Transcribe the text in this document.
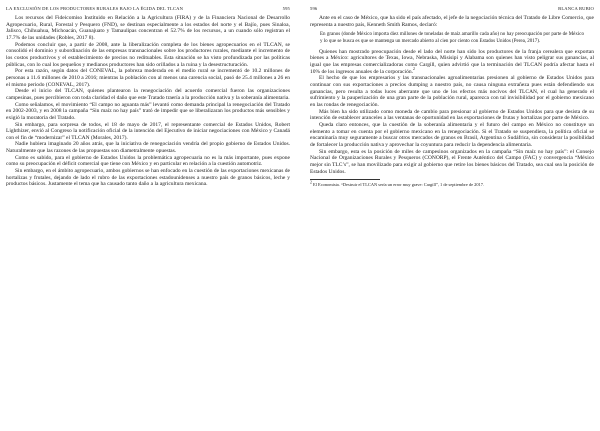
LA EXCLUSIÓN DE LOS PRODUCTORES RURALES BAJO LA ÉGIDA DEL TLCAN	595

Los recursos del Fideicomiso Instituido en Relación a la Agricultura (FIRA) y de la Financiera Nacional de Desarrollo Agropecuario, Rural, Forestal y Pesquero (FND), se destinan especialmente a los estados del norte y el Bajío, pues Sinaloa, Jalisco, Chihuahua, Michoacán, Guanajuato y Tamaulipas concentran el 52.7% de los recursos, a un cuando sólo registran el 17.7% de las unidades (Robles, 2017 8).

Podemos concluir que, a partir de 2008, ante la liberalización completa de los bienes agropecuarios en el TLCAN, se consolidó el dominio y subordinación de las empresas transnacionales sobre los productores rurales, mediante el incremento de los costos productivos y el establecimiento de precios no redituables. Esta situación se ha visto profundizada por las políticas públicas, con lo cual los pequeños y medianos productores han sido orillados a la ruina y la desestructuración.

Por esta razón, según datos del CONEVAL, la pobreza moderada en el medio rural se incrementó de 10.2 millones de personas a 11.6 millones de 2010 a 2016; mientras la población con al menos una carencia social, pasó de 25.4 millones a 26 en el mismo periodo (CONEVAL, 2017).

Desde el inicio del TLCAN, quienes plantearon la renegociación del acuerdo comercial fueron las organizaciones campesinas, pues percibieron con toda claridad el daño que este Tratado traería a la producción nativa y la soberanía alimentaria.

Como señalamos, el movimiento “El campo no aguanta más” levantó como demanda principal la renegociación del Tratado en 2002-2003, y en 2008 la campaña “Sin maíz no hay país” trató de impedir que se liberalizaran los productos más sensibles y exigió la moratoria del Tratado.

Sin embargo, para sorpresa de todos, el 18 de mayo de 2017, el representante comercial de Estados Unidos, Robert Lighthizer, envió al Congreso la notificación oficial de la intención del Ejecutivo de iniciar negociaciones con México y Canadá con el fin de “modernizar” el TLCAN (Morales, 2017).

Nadie hubiera imaginado 20 años atrás, que la iniciativa de renegociación vendría del propio gobierno de Estados Unidos. Naturalmente que las razones de las propuestas son diametralmente opuestas.

Como es sabido, para el gobierno de Estados Unidos la problemática agropecuaria no es la más importante, pues expone como su preocupación el déficit comercial que tiene con México y en particular en relación a la cuestión automotriz.

Sin embargo, en el ámbito agropecuario, ambos gobiernos se han enfocado en la cuestión de las exportaciones mexicanas de hortalizas y frutales, dejando de lado el rubro de las exportaciones estadounidenses a nuestro país de granos básicos, leche y productos básicos. Justamente el tema que ha causado tanto daño a la agricultura mexicana.

596	BLANCA RUBIO

Ante en el caso de México, que ha sido el país afectado, el jefe de la negociación técnica del Tratado de Libre Comercio, que representa a nuestro país, Kenneth Smith Ramos, declaró:

En granos (donde México importa diez millones de toneladas de maíz amarillo cada año) no hay preocupación por parte de México y lo que se busca es que se mantenga un mercado abierto al cien por ciento con Estados Unidos (Perea, 2017).

Quienes han mostrado preocupación desde el lado del norte han sido los productores de la franja cerealera que exportan bienes a México: agricultores de Texas, Iowa, Nebraska, Misisipi y Alabama son quienes han visto peligrar sus ganancias, al igual que las empresas comercializadoras como Cargill, quien advirtió que la terminación del TLCAN podría afectar hasta el 10% de los ingresos anuales de la corporación.$^2$

El hecho de que los empresarios y las transnacionales agroalimentarias presionen al gobierno de Estados Unidos para continuar con sus exportaciones a precios dumping a nuestro país, no causa ninguna extrañeza pues están defendiendo sus ganancias, pero resulta a todas luces aberrante que uno de los efectos más nocivos del TLCAN, el cual ha generado el sufrimiento y la pauperización de una gran parte de la población rural, aparezca con tal invisibilidad por el gobierno mexicano en las rondas de renegociación.

Más bien ha sido utilizado como moneda de cambio para presionar al gobierno de Estados Unidos para que desista de su intención de establecer aranceles a las ventanas de oportunidad en las exportaciones de frutas y hortalizas por parte de México.

Queda claro entonces, que la cuestión de la soberanía alimentaria y el futuro del campo en México no constituye un elemento a tomar en cuenta por el gobierno mexicano en la renegociación. Si el Tratado se suspendiera, la política oficial se encaminaría muy seguramente a buscar otros mercados de granos en Brasil, Argentina o Sudáfrica, sin considerar la posibilidad de fortalecer la producción nativa y aprovechar la coyuntura para reducir la dependencia alimentaria.

Sin embargo, esta es la posición de miles de campesinos organizados en la campaña “Sin maíz no hay país”: el Consejo Nacional de Organizaciones Rurales y Pesqueros (CONORP), el Frente Auténtico del Campo (FAC) y convergencia “México mejor sin TLC’s”, se han movilizado para exigir al gobierno que retire los bienes básicos del Tratado, sea cual sea la posición de Estados Unidos.

2 El Economista. “Destruir el TLCAN sería un error muy grave: Cargill”, 1 de septiembre de 2017.
